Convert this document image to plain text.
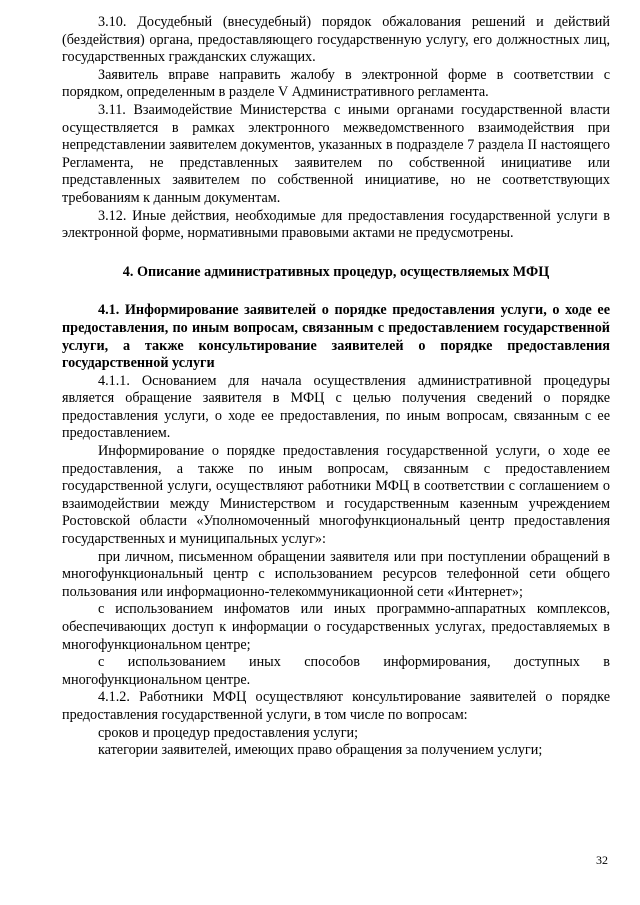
3.10. Досудебный (внесудебный) порядок обжалования решений и действий (бездействия) органа, предоставляющего государственную услугу, его должностных лиц, государственных гражданских служащих.

Заявитель вправе направить жалобу в электронной форме в соответствии с порядком, определенным в разделе V Административного регламента.

3.11. Взаимодействие Министерства с иными органами государственной власти осуществляется в рамках электронного межведомственного взаимодействия при непредставлении заявителем документов, указанных в подразделе 7 раздела II настоящего Регламента, не представленных заявителем по собственной инициативе или представленных заявителем по собственной инициативе, но не соответствующих требованиям к данным документам.

3.12. Иные действия, необходимые для предоставления государственной услуги в электронной форме, нормативными правовыми актами не предусмотрены.

4. Описание административных процедур, осуществляемых МФЦ

4.1. Информирование заявителей о порядке предоставления услуги, о ходе ее предоставления, по иным вопросам, связанным с предоставлением государственной услуги, а также консультирование заявителей о порядке предоставления государственной услуги

4.1.1. Основанием для начала осуществления административной процедуры является обращение заявителя в МФЦ с целью получения сведений о порядке предоставления услуги, о ходе ее предоставления, по иным вопросам, связанным с ее предоставлением.

Информирование о порядке предоставления государственной услуги, о ходе ее предоставления, а также по иным вопросам, связанным с предоставлением государственной услуги, осуществляют работники МФЦ в соответствии с соглашением о взаимодействии между Министерством и государственным казенным учреждением Ростовской области «Уполномоченный многофункциональный центр предоставления государственных и муниципальных услуг»:

при личном, письменном обращении заявителя или при поступлении обращений в многофункциональный центр с использованием ресурсов телефонной сети общего пользования или информационно-телекоммуникационной сети «Интернет»;

с использованием инфоматов или иных программно-аппаратных комплексов, обеспечивающих доступ к информации о государственных услугах, предоставляемых в многофункциональном центре;

с использованием иных способов информирования, доступных в многофункциональном центре.

4.1.2. Работники МФЦ осуществляют консультирование заявителей о порядке предоставления государственной услуги, в том числе по вопросам:

сроков и процедур предоставления услуги;

категории заявителей, имеющих право обращения за получением услуги;

32
